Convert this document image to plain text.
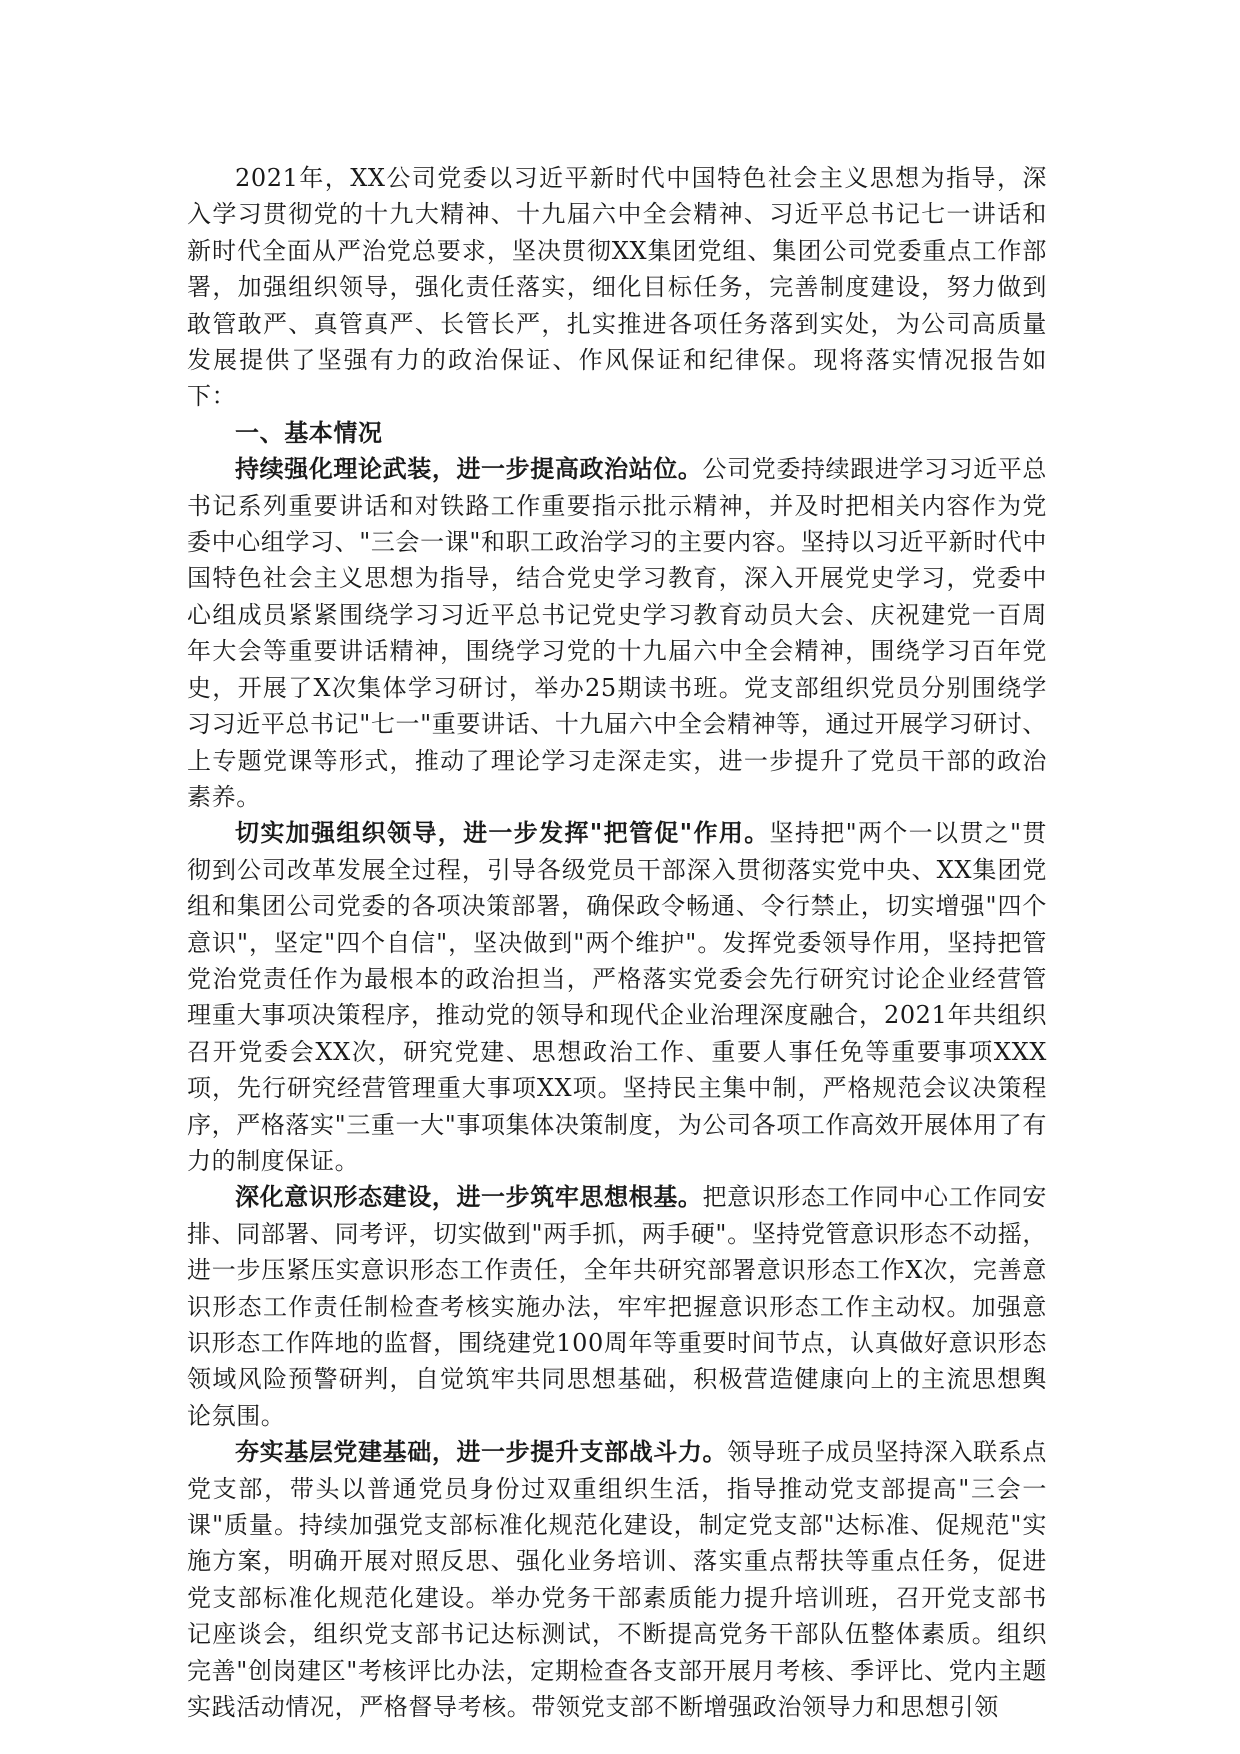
2021年，XX公司党委以习近平新时代中国特色社会主义思想为指导，深入学习贯彻党的十九大精神、十九届六中全会精神、习近平总书记七一讲话和新时代全面从严治党总要求，坚决贯彻XX集团党组、集团公司党委重点工作部署，加强组织领导，强化责任落实，细化目标任务，完善制度建设，努力做到敢管敢严、真管真严、长管长严，扎实推进各项任务落到实处，为公司高质量发展提供了坚强有力的政治保证、作风保证和纪律保。现将落实情况报告如下：

一、基本情况

持续强化理论武装，进一步提高政治站位。公司党委持续跟进学习习近平总书记系列重要讲话和对铁路工作重要指示批示精神，并及时把相关内容作为党委中心组学习、"三会一课"和职工政治学习的主要内容。坚持以习近平新时代中国特色社会主义思想为指导，结合党史学习教育，深入开展党史学习，党委中心组成员紧紧围绕学习习近平总书记党史学习教育动员大会、庆祝建党一百周年大会等重要讲话精神，围绕学习党的十九届六中全会精神，围绕学习百年党史，开展了X次集体学习研讨，举办25期读书班。党支部组织党员分别围绕学习习近平总书记"七一"重要讲话、十九届六中全会精神等，通过开展学习研讨、上专题党课等形式，推动了理论学习走深走实，进一步提升了党员干部的政治素养。

切实加强组织领导，进一步发挥"把管促"作用。坚持把"两个一以贯之"贯彻到公司改革发展全过程，引导各级党员干部深入贯彻落实党中央、XX集团党组和集团公司党委的各项决策部署，确保政令畅通、令行禁止，切实增强"四个意识"，坚定"四个自信"，坚决做到"两个维护"。发挥党委领导作用，坚持把管党治党责任作为最根本的政治担当，严格落实党委会先行研究讨论企业经营管理重大事项决策程序，推动党的领导和现代企业治理深度融合，2021年共组织召开党委会XX次，研究党建、思想政治工作、重要人事任免等重要事项XXX项，先行研究经营管理重大事项XX项。坚持民主集中制，严格规范会议决策程序，严格落实"三重一大"事项集体决策制度，为公司各项工作高效开展体用了有力的制度保证。

深化意识形态建设，进一步筑牢思想根基。把意识形态工作同中心工作同安排、同部署、同考评，切实做到"两手抓，两手硬"。坚持党管意识形态不动摇，进一步压紧压实意识形态工作责任，全年共研究部署意识形态工作X次，完善意识形态工作责任制检查考核实施办法，牢牢把握意识形态工作主动权。加强意识形态工作阵地的监督，围绕建党100周年等重要时间节点，认真做好意识形态领域风险预警研判，自觉筑牢共同思想基础，积极营造健康向上的主流思想舆论氛围。

夯实基层党建基础，进一步提升支部战斗力。领导班子成员坚持深入联系点党支部，带头以普通党员身份过双重组织生活，指导推动党支部提高"三会一课"质量。持续加强党支部标准化规范化建设，制定党支部"达标准、促规范"实施方案，明确开展对照反思、强化业务培训、落实重点帮扶等重点任务，促进党支部标准化规范化建设。举办党务干部素质能力提升培训班，召开党支部书记座谈会，组织党支部书记达标测试，不断提高党务干部队伍整体素质。组织完善"创岗建区"考核评比办法，定期检查各支部开展月考核、季评比、党内主题实践活动情况，严格督导考核。带领党支部不断增强政治领导力和思想引领
